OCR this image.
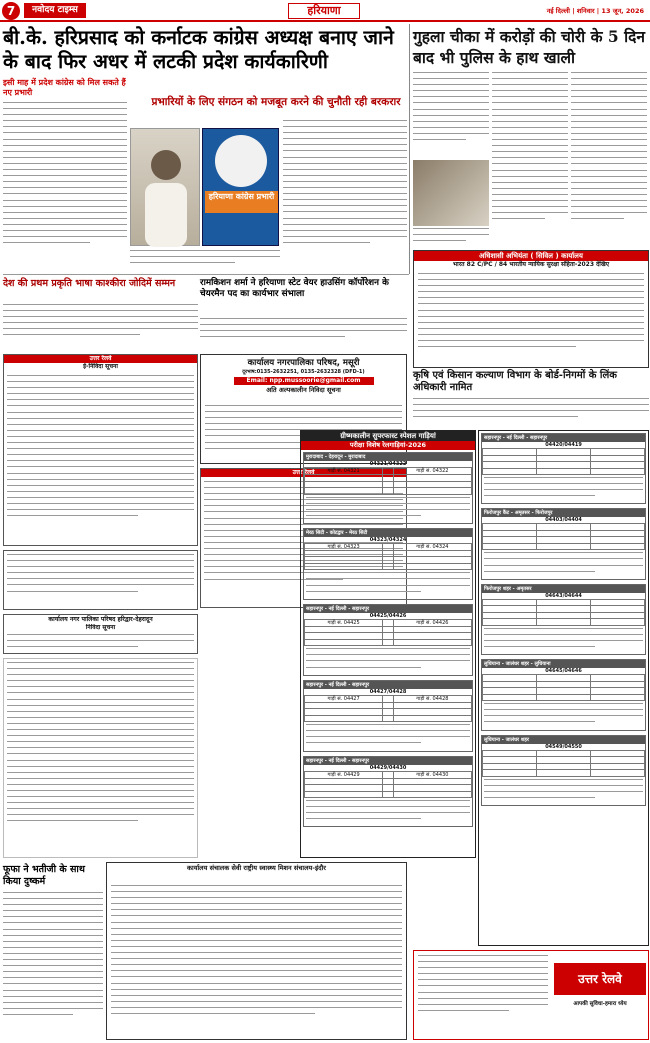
7	नवोदय टाइम्स	हरियाणा	नई दिल्ली | शनिवार | 13 जून, 2026
बी.के. हरिप्रसाद को कर्नाटक कांग्रेस अध्यक्ष बनाए जाने के बाद फिर अधर में लटकी प्रदेश कार्यकारिणी
इसी माह में प्रदेश कांग्रेस को मिल सकते हैं नए प्रभारी
प्रभारियों के लिए संगठन को मजबूत करने की चुनौती रही बरकरार
हरियाणा कांग्रेस प्रभारी
गुहला चीका में करोड़ों की चोरी के 5 दिन बाद भी पुलिस के हाथ खाली
अधिशासी अभियंता ( सिविल ) कार्यालय
भारत 82 C/PC / 84 भारतीय न्यायिक सुरक्षा संहिता-2023 देखिए
देश की प्रथम प्रकृति भाषा काश्कीरा जोदिमें सम्मन	रामकिशन शर्मा ने हरियाणा स्टेट वेयर हाउसिंग कॉर्पोरेशन के चेयरमैन पद का कार्यभार संभाला
कृषि एवं किसान कल्याण विभाग के बोर्ड-निगमों के लिंक अधिकारी नामित
उत्तर रेलवे
ई-निविदा सूचना
कार्यालय नगर पालिका परिषद हरिद्वार-देहरादून
निविदा सूचना
फूफा ने भतीजी के साथ किया दुष्कर्म
कार्यालय नगरपालिका परिषद, मसूरी
दूरभाष:0135-2632251, 0135-2632328 (DFD-1)
Email: npp.mussoorie@gmail.com
अति अल्पकालीन निविदा सूचना
उत्तर रेलवे
कार्यालय संचालक सेवी राष्ट्रीय स्वास्थ्य मिशन संचालय-इंदौर
ग्रीष्मकालीन सुपरफास्ट स्पेशल गाड़ियां
परीक्षा विशेष रेलगाड़ियां-2026
मुरादाबाद - देहरादून - मुरादाबाद
04321/04322
गाड़ी सं. 04321		गाड़ी सं. 04322

मेरठ सिटी - कोटद्वार - मेरठ सिटी
04323/04324
गाड़ी सं. 04323		गाड़ी सं. 04324

सहारनपुर - नई दिल्ली - सहारनपुर
04425/04426
गाड़ी सं. 04425		गाड़ी सं. 04426

सहारनपुर - नई दिल्ली - सहारनपुर
04427/04428
गाड़ी सं. 04427		गाड़ी सं. 04428

सहारनपुर - नई दिल्ली - सहारनपुर
04429/04430
गाड़ी सं. 04429		गाड़ी सं. 04430

सहारनपुर - नई दिल्ली - सहारनपुर
04420/04419

फिरोजपुर कैंट - अमृतसर - फिरोजपुर
04403/04404

फिरोजपुर शहर - अमृतसर
04643/04644

लुधियाना - जालंधर शहर - लुधियाना
04645/04646

लुधियाना - जालंधर शहर
04549/04550

उत्तर रेलवे
आपकी सुविधा-हमारा ध्येय
